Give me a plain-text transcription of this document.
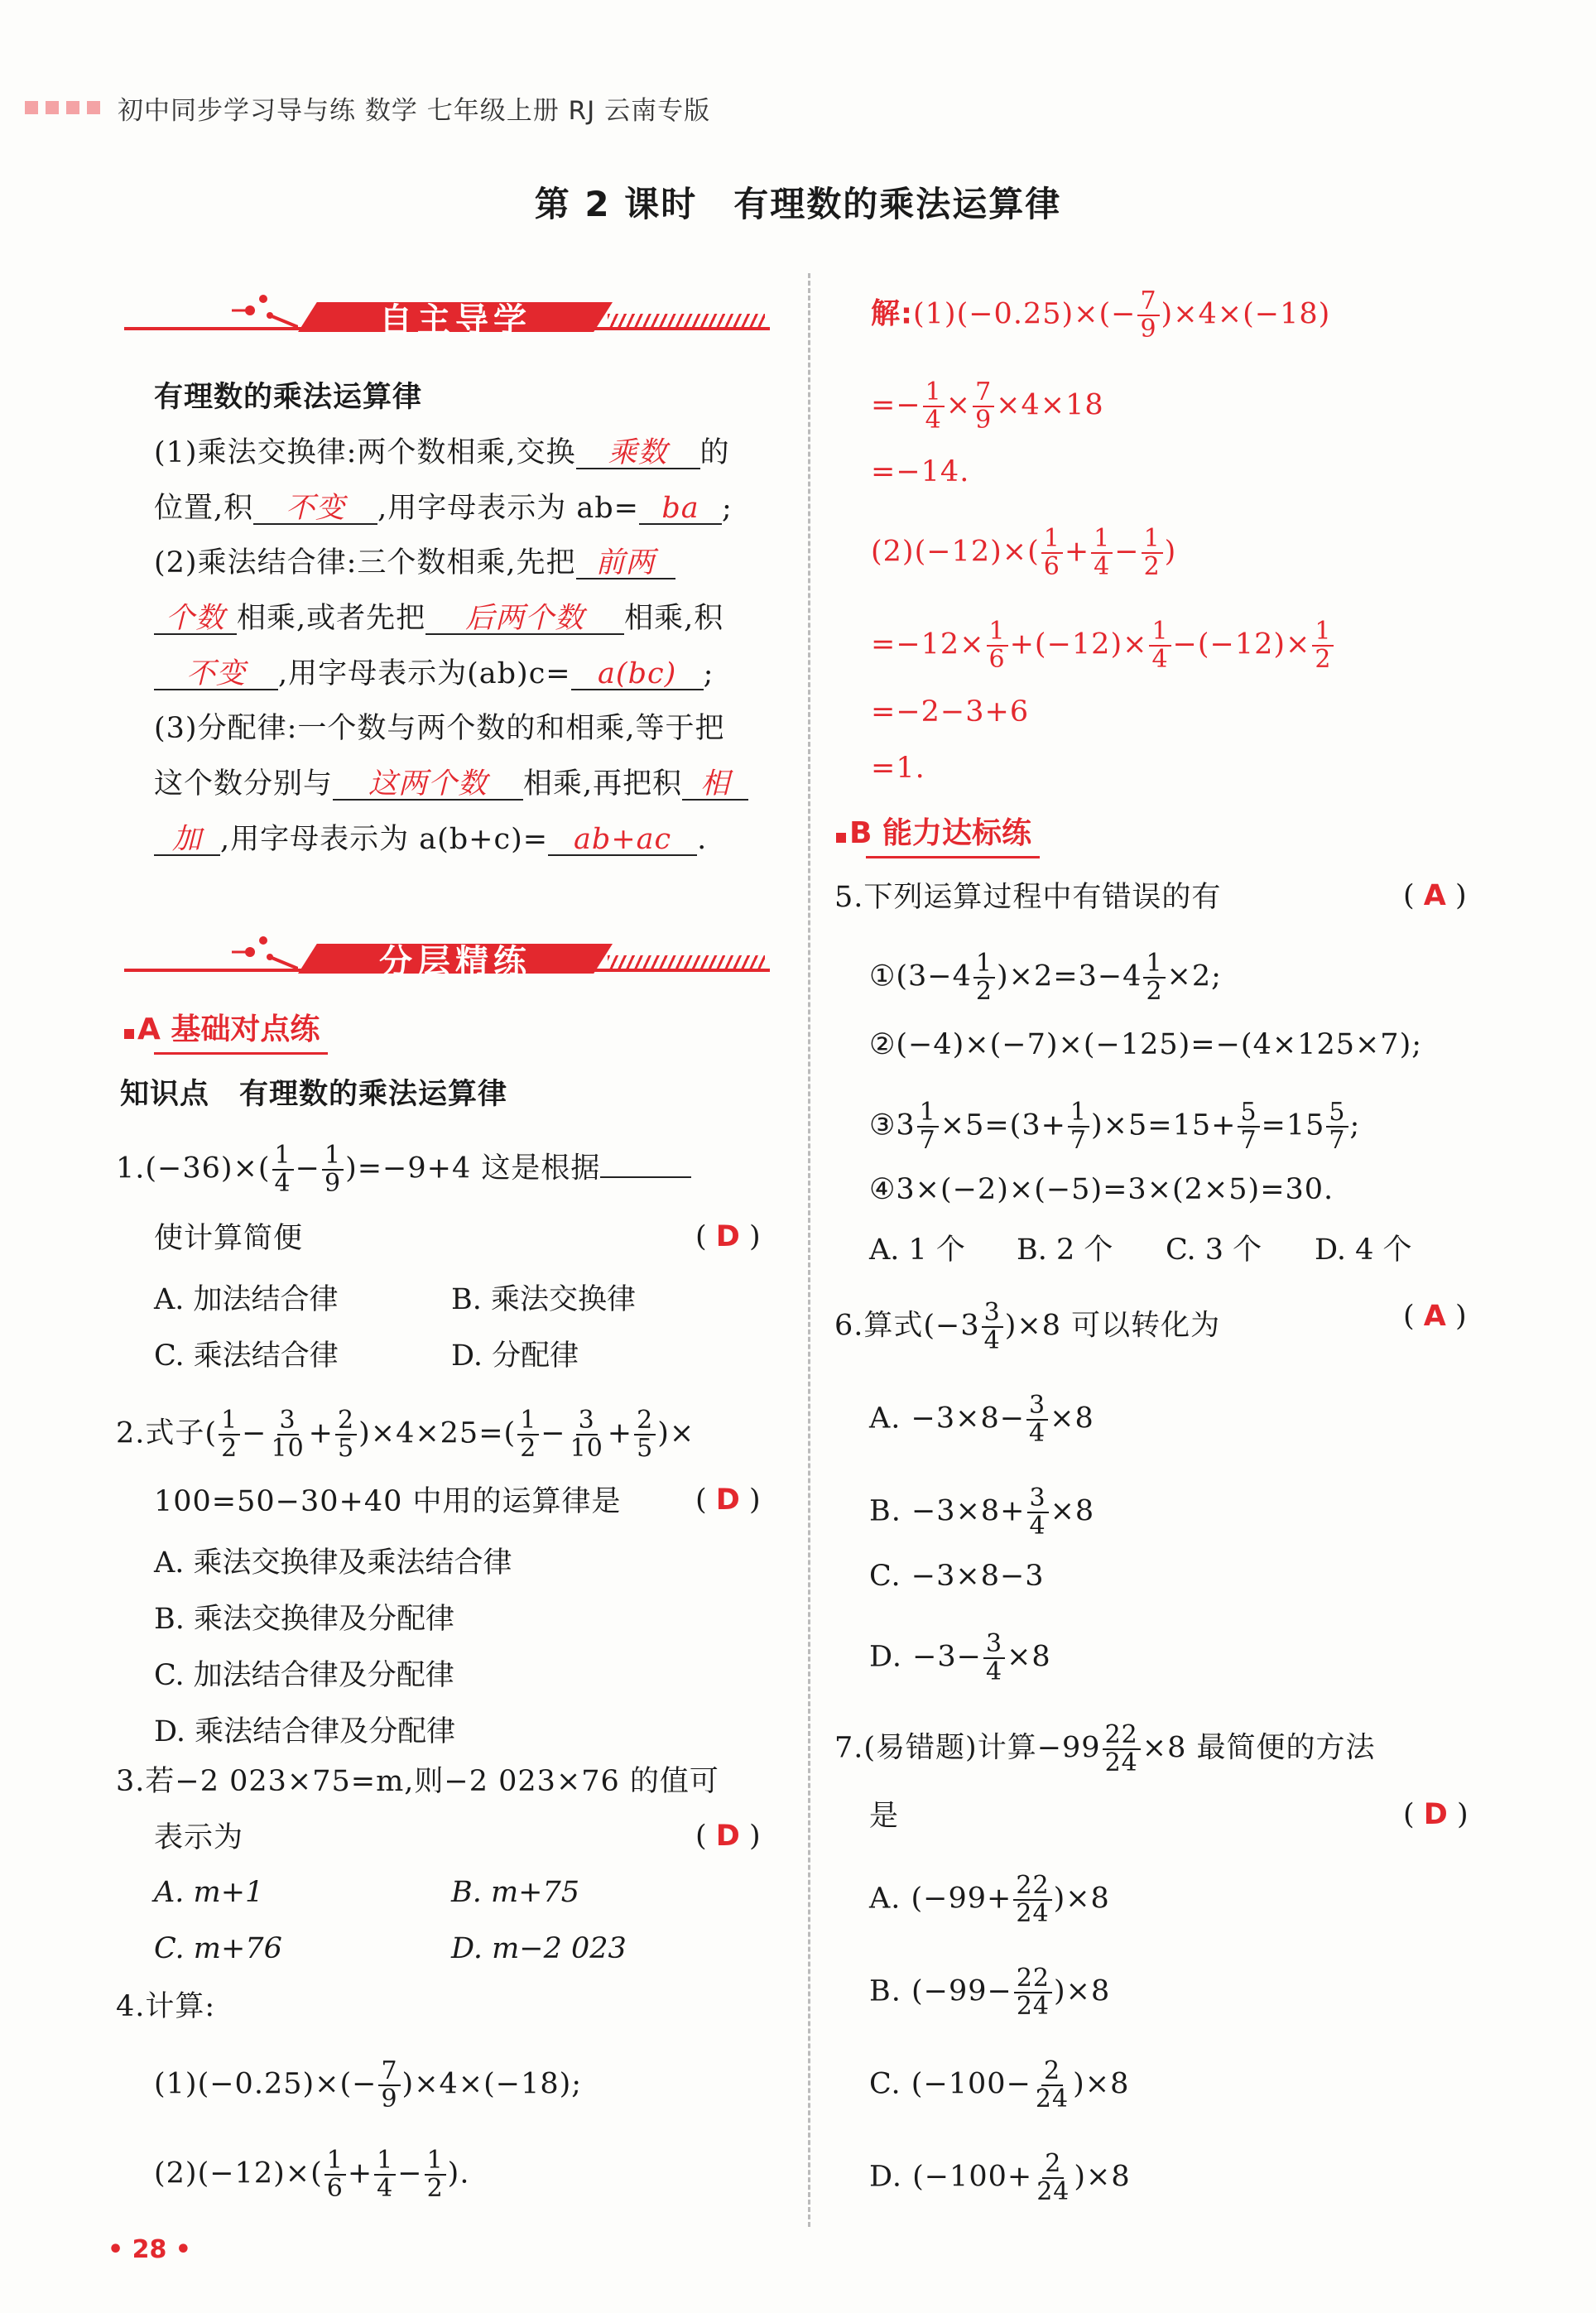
初中同步学习导与练 数学 七年级上册 RJ 云南专版
第 2 课时　有理数的乘法运算律
自主导学
有理数的乘法运算律
(1)乘法交换律:两个数相乘,交换 乘数 的
位置,积 不变 ,用字母表示为 ab= ba ;
(2)乘法结合律:三个数相乘,先把 前两
个数 相乘,或者先把 后两个数 相乘,积
不变 ,用字母表示为(ab)c= a(bc) ;
(3)分配律:一个数与两个数的和相乘,等于把
这个数分别与 这两个数 相乘,再把积 相
加 ,用字母表示为 a(b+c)= ab+ac .
分层精练
A 基础对点练
知识点　有理数的乘法运算律
$1.(-36)\times( \frac{1}{4} - \frac{1}{9} )=-9+4$ 这是根据
使计算简便	( D )
A. 加法结合律	B. 乘法交换律
C. 乘法结合律	D. 分配律
2.式子( $\frac{1}{2} - \frac{3}{10} + \frac{2}{5} )\times 4\times 25=( \frac{1}{2} - \frac{3}{10} + \frac{2}{5}$ )×
100=50−30+40 中用的运算律是	( D )
A. 乘法交换律及乘法结合律
B. 乘法交换律及分配律
C. 加法结合律及分配律
D. 乘法结合律及分配律
3.若−2 023×75=m,则−2 023×76 的值可
表示为	( D )
A. m+1	B. m+75
C. m+76	D. m−2 023
4.计算:
$(1)(-0.25)\times(- \frac{7}{9} )\times 4\times(-18)$;
$(2)(-12)\times( \frac{1}{6} + \frac{1}{4} - \frac{1}{2}$ ).
解:(1)(−0.25)×(− $\frac{7}{9} )\times 4\times(-18)$
=− $\frac{1}{4} \times \frac{7}{9} \times 4\times 18$
=−14.
$(2)(-12)\times( \frac{1}{6} + \frac{1}{4} - \frac{1}{2}$ )
$=-12\times \frac{1}{6} +(-12)\times \frac{1}{4} -(-12)\times \frac{1}{2}$
=−2−3+6
=1.
B 能力达标练
5.下列运算过程中有错误的有	( A )
①(3−4 $\frac{1}{2} )\times 2=3-4 \frac{1}{2} \times 2$;
②(−4)×(−7)×(−125)=−(4×125×7);
③3 $\frac{1}{7} \times 5=(3+ \frac{1}{7} )\times 5=15+ \frac{5}{7} =15 \frac{5}{7}$ ;
④3×(−2)×(−5)=3×(2×5)=30.
A. 1 个 B. 2 个 C. 3 个 D. 4 个
6.算式$(-3 \frac{3}{4} )\times 8$ 可以转化为	( A )
A. $-3\times 8- \frac{3}{4} \times 8$
B. $-3\times 8+ \frac{3}{4} \times 8$
C. −3×8−3
D. $-3- \frac{3}{4} \times 8$
7.(易错题)计算$-99 \frac{22}{24} \times 8$ 最简便的方法
是	( D )
A. $(-99+ \frac{22}{24} )\times 8$
B. $(-99- \frac{22}{24} )\times 8$
C. $(-100- \frac{2}{24} )\times 8$
D. $(-100+ \frac{2}{24} )\times 8$
• 28 •
